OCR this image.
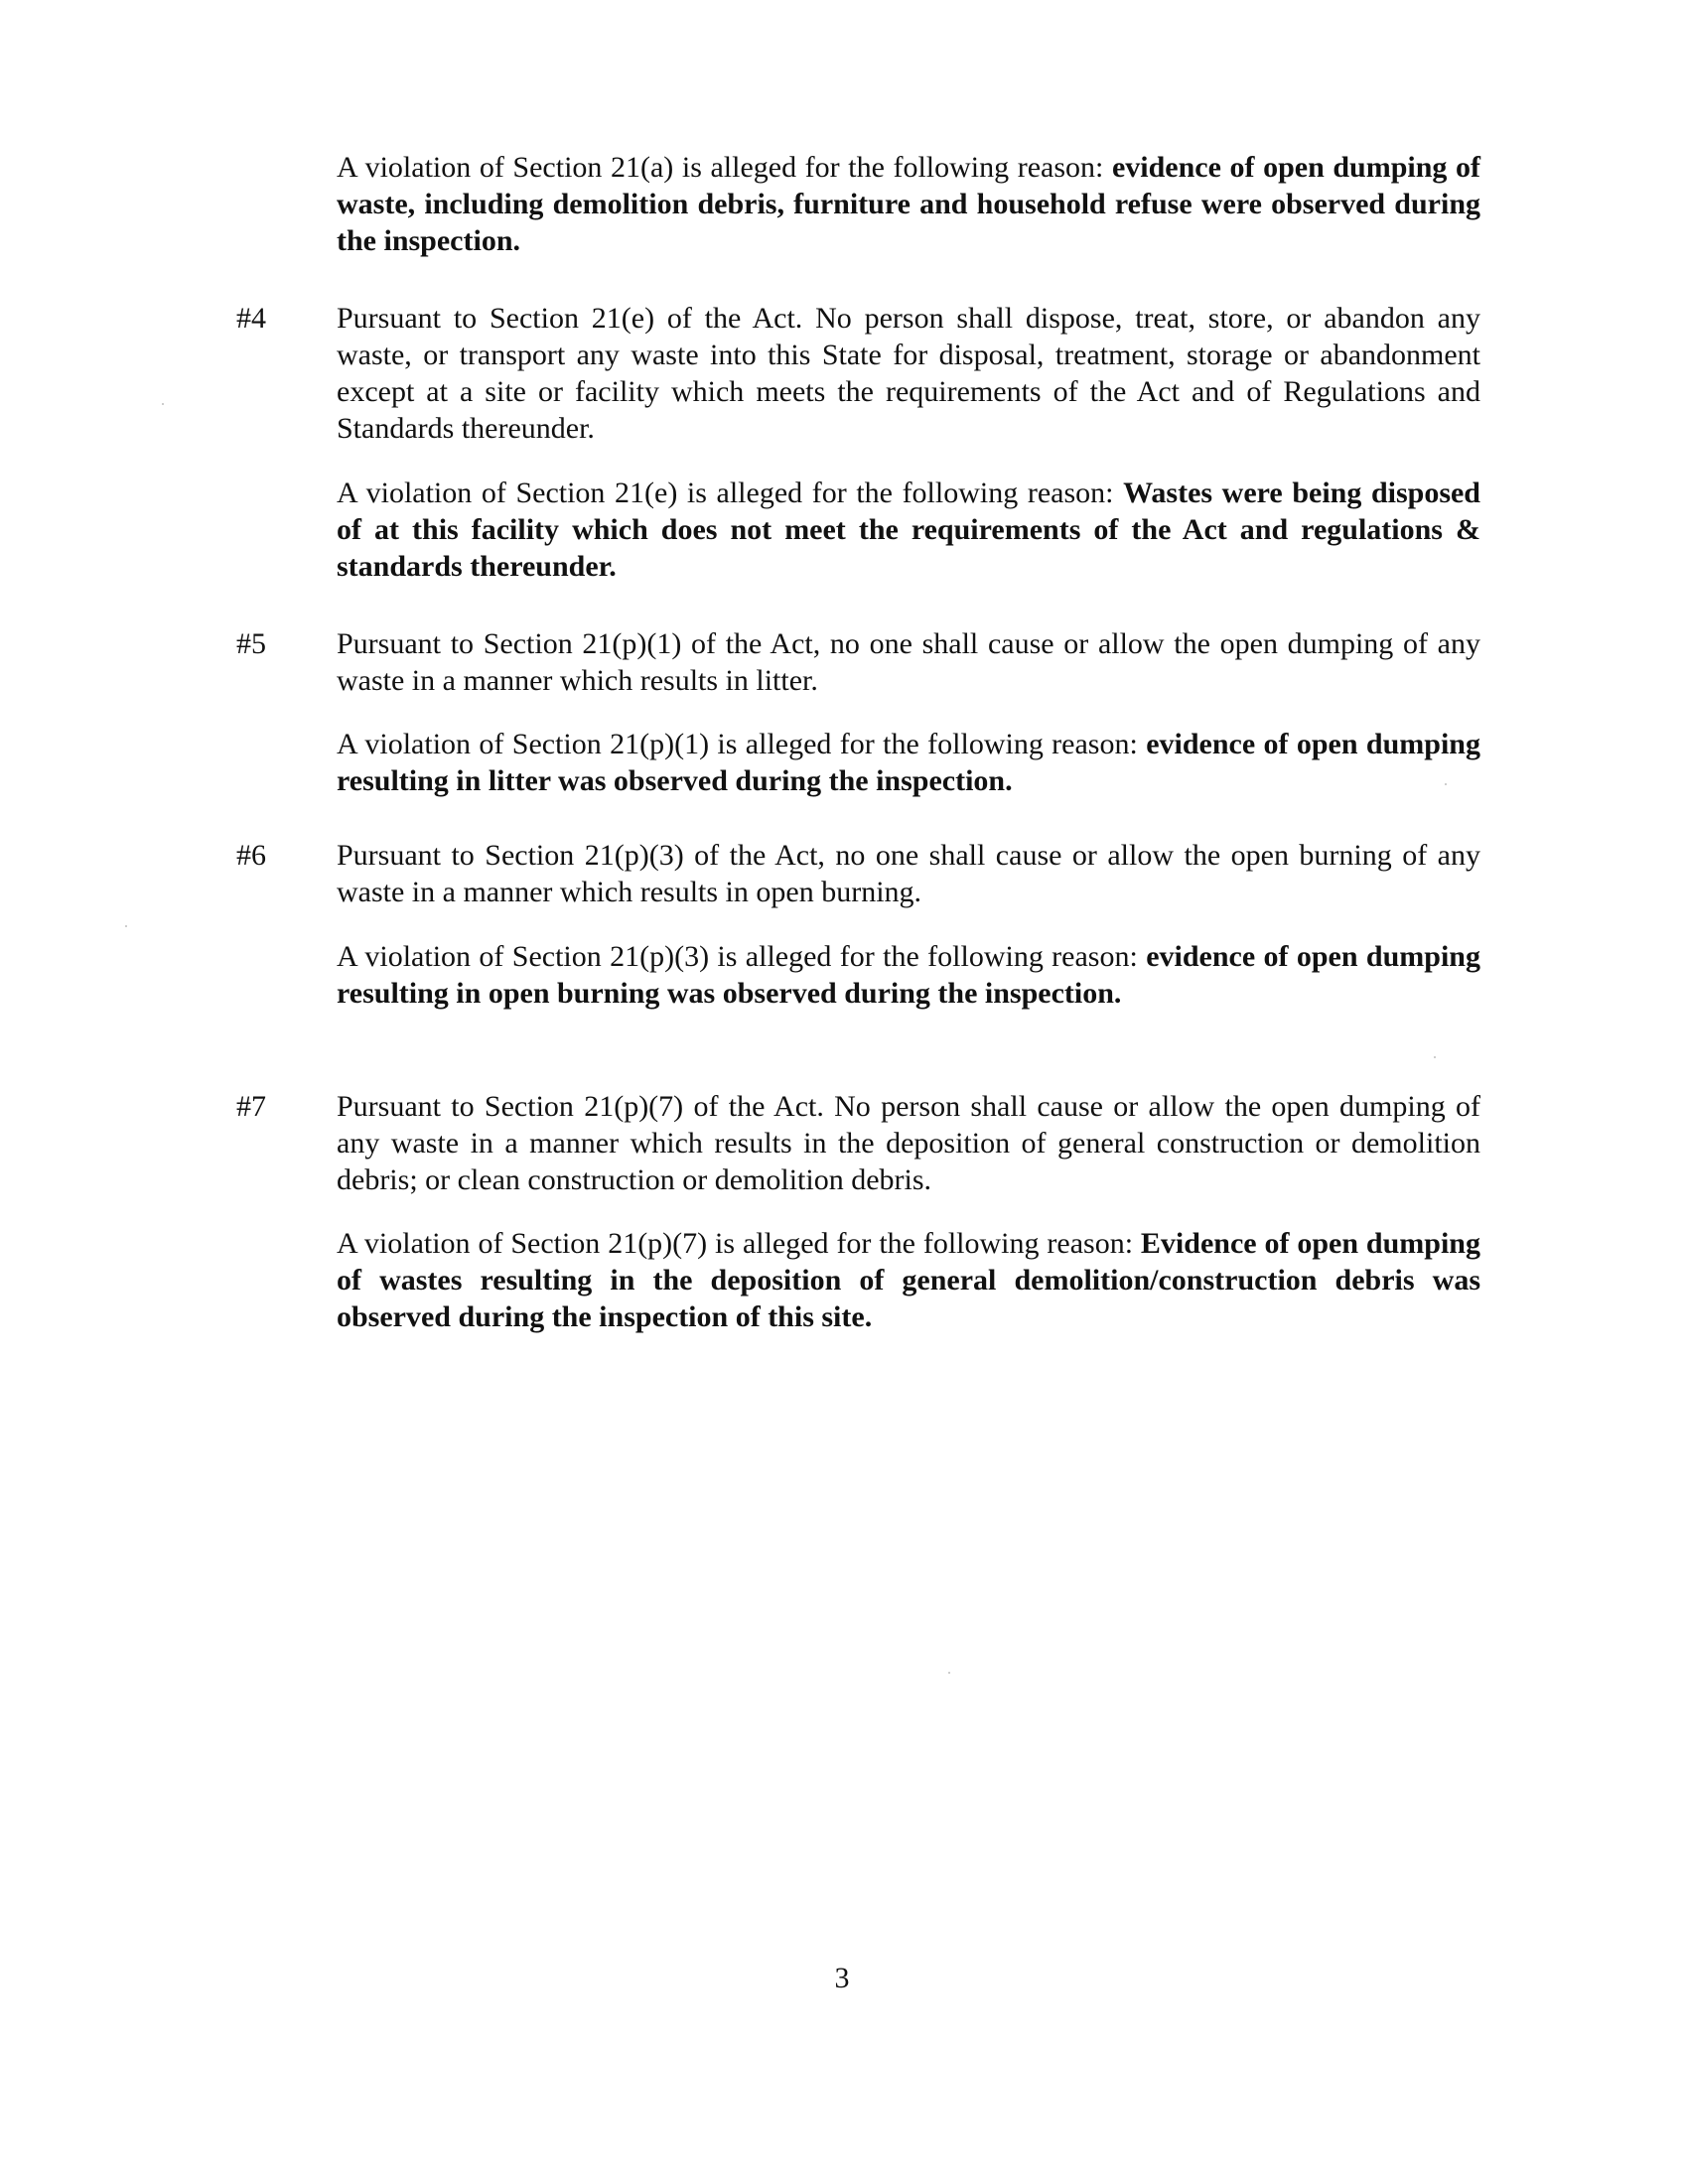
A violation of Section 21(a) is alleged for the following reason: evidence of open dumping of waste, including demolition debris, furniture and household refuse were observed during the inspection.

#4 Pursuant to Section 21(e) of the Act. No person shall dispose, treat, store, or abandon any waste, or transport any waste into this State for disposal, treatment, storage or abandonment except at a site or facility which meets the requirements of the Act and of Regulations and Standards thereunder.

A violation of Section 21(e) is alleged for the following reason: Wastes were being disposed of at this facility which does not meet the requirements of the Act and regulations & standards thereunder.

#5 Pursuant to Section 21(p)(1) of the Act, no one shall cause or allow the open dumping of any waste in a manner which results in litter.

A violation of Section 21(p)(1) is alleged for the following reason: evidence of open dumping resulting in litter was observed during the inspection.

#6 Pursuant to Section 21(p)(3) of the Act, no one shall cause or allow the open burning of any waste in a manner which results in open burning.

A violation of Section 21(p)(3) is alleged for the following reason: evidence of open dumping resulting in open burning was observed during the inspection.

#7 Pursuant to Section 21(p)(7) of the Act. No person shall cause or allow the open dumping of any waste in a manner which results in the deposition of general construction or demolition debris; or clean construction or demolition debris.

A violation of Section 21(p)(7) is alleged for the following reason: Evidence of open dumping of wastes resulting in the deposition of general demolition/construction debris was observed during the inspection of this site.

3
